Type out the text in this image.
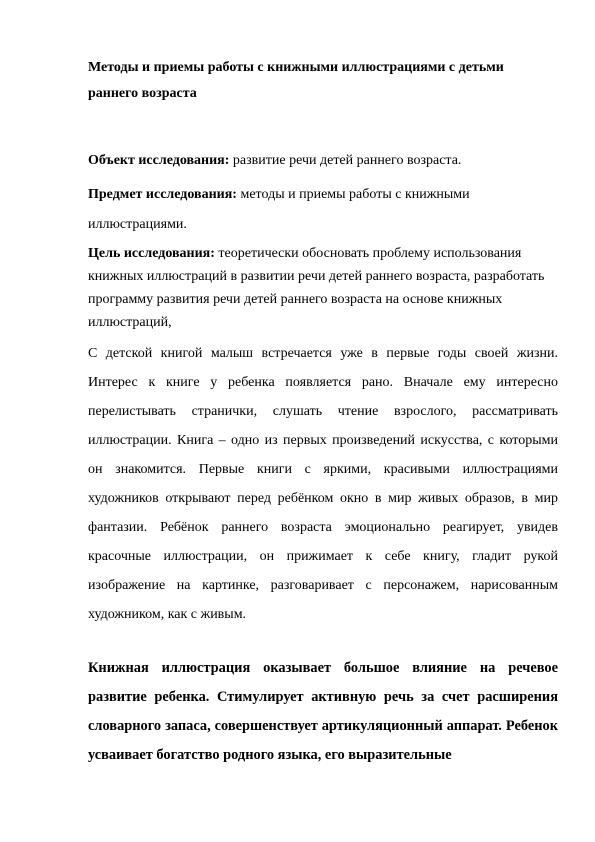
Методы и приемы работы с книжными иллюстрациями с детьми раннего возраста

Объект исследования: развитие речи детей раннего возраста.

Предмет исследования: методы и приемы работы с книжными иллюстрациями.

Цель исследования: теоретически обосновать проблему использования книжных иллюстраций в развитии речи детей раннего возраста, разработать программу развития речи детей раннего возраста на основе книжных иллюстраций,

С детской книгой малыш встречается уже в первые годы своей жизни. Интерес к книге у ребенка появляется рано. Вначале ему интересно перелистывать странички, слушать чтение взрослого, рассматривать иллюстрации. Книга – одно из первых произведений искусства, с которыми он знакомится. Первые книги с яркими, красивыми иллюстрациями художников открывают перед ребёнком окно в мир живых образов, в мир фантазии. Ребёнок раннего возраста эмоционально реагирует, увидев красочные иллюстрации, он прижимает к себе книгу, гладит рукой изображение на картинке, разговаривает с персонажем, нарисованным художником, как с живым.

Книжная иллюстрация оказывает большое влияние на речевое развитие ребенка. Стимулирует активную речь за счет расширения словарного запаса, совершенствует артикуляционный аппарат. Ребенок усваивает богатство родного языка, его выразительные
